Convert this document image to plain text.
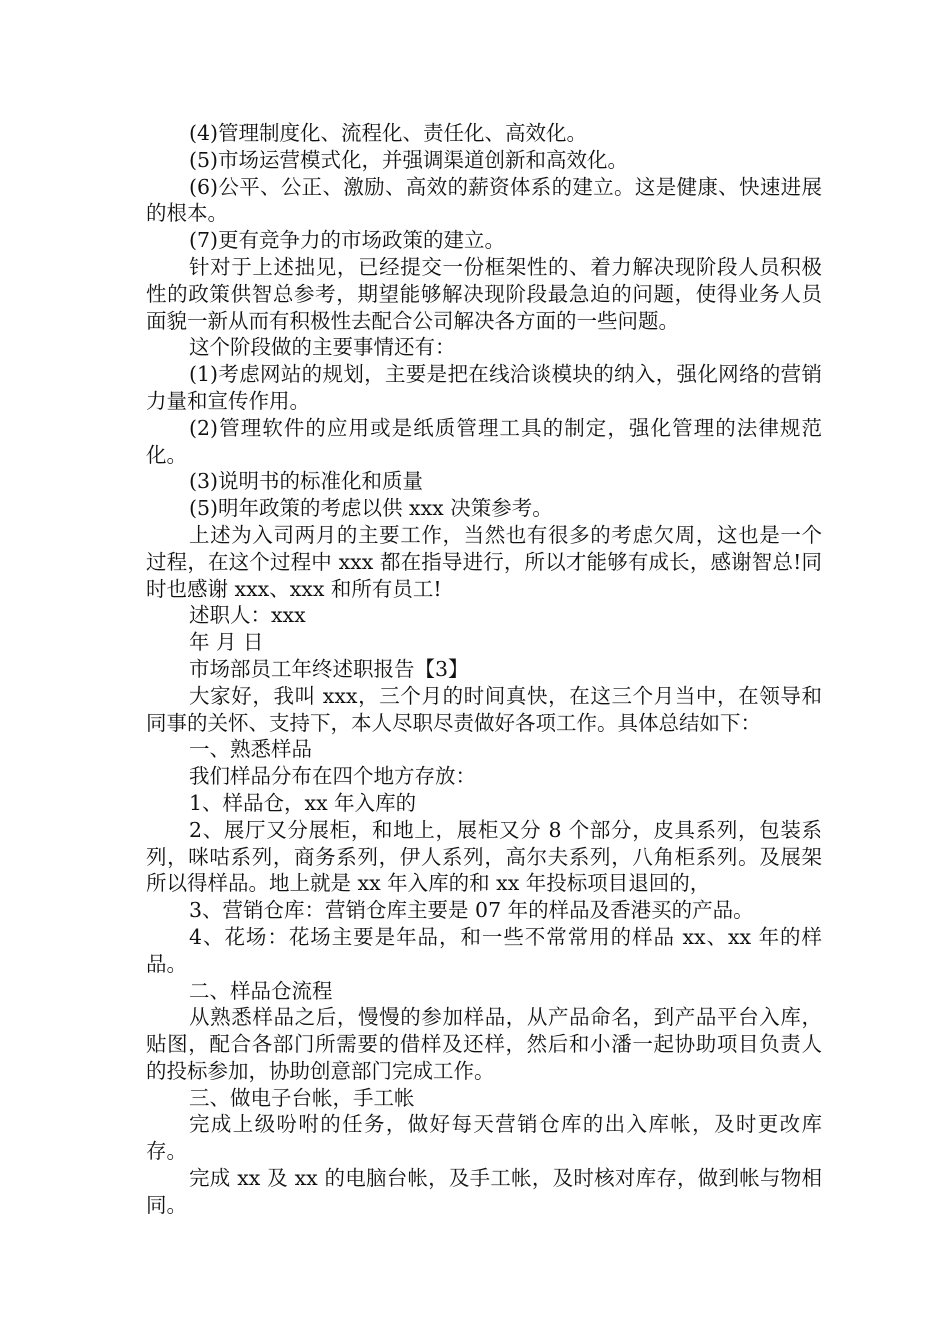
(4)管理制度化、流程化、责任化、高效化。

(5)市场运营模式化，并强调渠道创新和高效化。

(6)公平、公正、激励、高效的薪资体系的建立。这是健康、快速进展的根本。

(7)更有竞争力的市场政策的建立。

针对于上述拙见，已经提交一份框架性的、着力解决现阶段人员积极性的政策供智总参考，期望能够解决现阶段最急迫的问题，使得业务人员面貌一新从而有积极性去配合公司解决各方面的一些问题。

这个阶段做的主要事情还有：

(1)考虑网站的规划，主要是把在线洽谈模块的纳入，强化网络的营销力量和宣传作用。

(2)管理软件的应用或是纸质管理工具的制定，强化管理的法律规范化。

(3)说明书的标准化和质量

(5)明年政策的考虑以供 xxx 决策参考。

上述为入司两月的主要工作，当然也有很多的考虑欠周，这也是一个过程，在这个过程中 xxx 都在指导进行，所以才能够有成长，感谢智总!同时也感谢 xxx、xxx 和所有员工!

述职人：xxx

年 月 日

市场部员工年终述职报告【3】

大家好，我叫 xxx，三个月的时间真快，在这三个月当中，在领导和同事的关怀、支持下，本人尽职尽责做好各项工作。具体总结如下：

一、熟悉样品

我们样品分布在四个地方存放：

1、样品仓，xx 年入库的

2、展厅又分展柜，和地上，展柜又分 8 个部分，皮具系列，包装系列，咪咕系列，商务系列，伊人系列，高尔夫系列，八角柜系列。及展架所以得样品。地上就是 xx 年入库的和 xx 年投标项目退回的，

3、营销仓库：营销仓库主要是 07 年的样品及香港买的产品。

4、花场：花场主要是年品，和一些不常常用的样品 xx、xx 年的样品。

二、样品仓流程

从熟悉样品之后，慢慢的参加样品，从产品命名，到产品平台入库，贴图，配合各部门所需要的借样及还样，然后和小潘一起协助项目负责人的投标参加，协助创意部门完成工作。

三、做电子台帐，手工帐

完成上级吩咐的任务，做好每天营销仓库的出入库帐，及时更改库存。

完成 xx 及 xx 的电脑台帐，及手工帐，及时核对库存，做到帐与物相同。
